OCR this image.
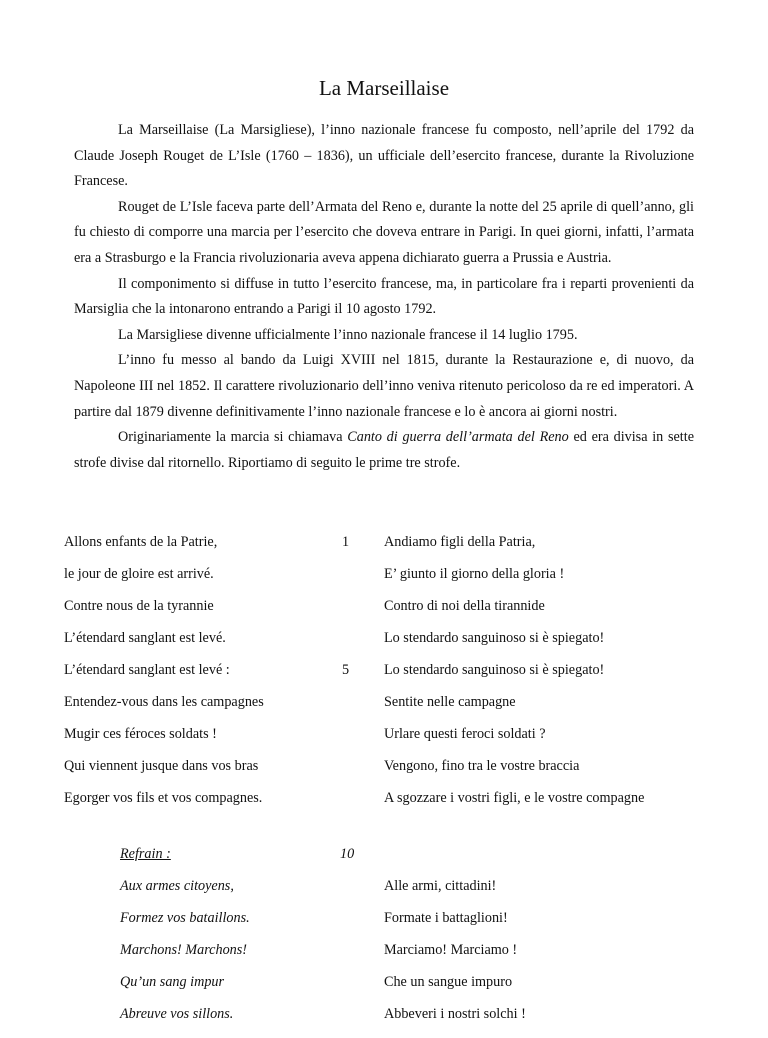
La Marseillaise

La Marseillaise (La Marsigliese), l’inno nazionale francese fu composto, nell’aprile del 1792 da Claude Joseph Rouget de L’Isle (1760 – 1836), un ufficiale dell’esercito francese, durante la Rivoluzione Francese.

Rouget de L’Isle faceva parte dell’Armata del Reno e, durante la notte del 25 aprile di quell’anno, gli fu chiesto di comporre una marcia per l’esercito che doveva entrare in Parigi. In quei giorni, infatti, l’armata era a Strasburgo e la Francia rivoluzionaria aveva appena dichiarato guerra a Prussia e Austria.

Il componimento si diffuse in tutto l’esercito francese, ma, in particolare fra i reparti provenienti da Marsiglia che la intonarono entrando a Parigi il 10 agosto 1792.

La Marsigliese divenne ufficialmente l’inno nazionale francese il 14 luglio 1795.

L’inno fu messo al bando da Luigi XVIII nel 1815, durante la Restaurazione e, di nuovo, da Napoleone III nel 1852. Il carattere rivoluzionario dell’inno veniva ritenuto pericoloso da re ed imperatori. A partire dal 1879 divenne definitivamente l’inno nazionale francese e lo è ancora ai giorni nostri.

Originariamente la marcia si chiamava Canto di guerra dell’armata del Reno ed era divisa in sette strofe divise dal ritornello. Riportiamo di seguito le prime tre strofe.

Allons enfants de la Patrie,	1 Andiamo figli della Patria,
le jour de gloire est arrivé.	E’ giunto il giorno della gloria !
Contre nous de la tyrannie	Contro di noi della tirannide
L’étendard sanglant est levé.	Lo stendardo sanguinoso si è spiegato!
L’étendard sanglant est levé :	5 Lo stendardo sanguinoso si è spiegato!
Entendez-vous dans les campagnes	Sentite nelle campagne
Mugir ces féroces soldats !	Urlare questi feroci soldati ?
Qui viennent jusque dans vos bras	Vengono, fino tra le vostre braccia
Egorger vos fils et vos compagnes.	A sgozzare i vostri figli, e le vostre compagne
Refrain :	10
Aux armes citoyens,	Alle armi, cittadini!
Formez vos bataillons.	Formate i battaglioni!
Marchons! Marchons!	Marciamo! Marciamo !
Qu’un sang impur	Che un sangue impuro
Abreuve vos sillons.	Abbeveri i nostri solchi !
